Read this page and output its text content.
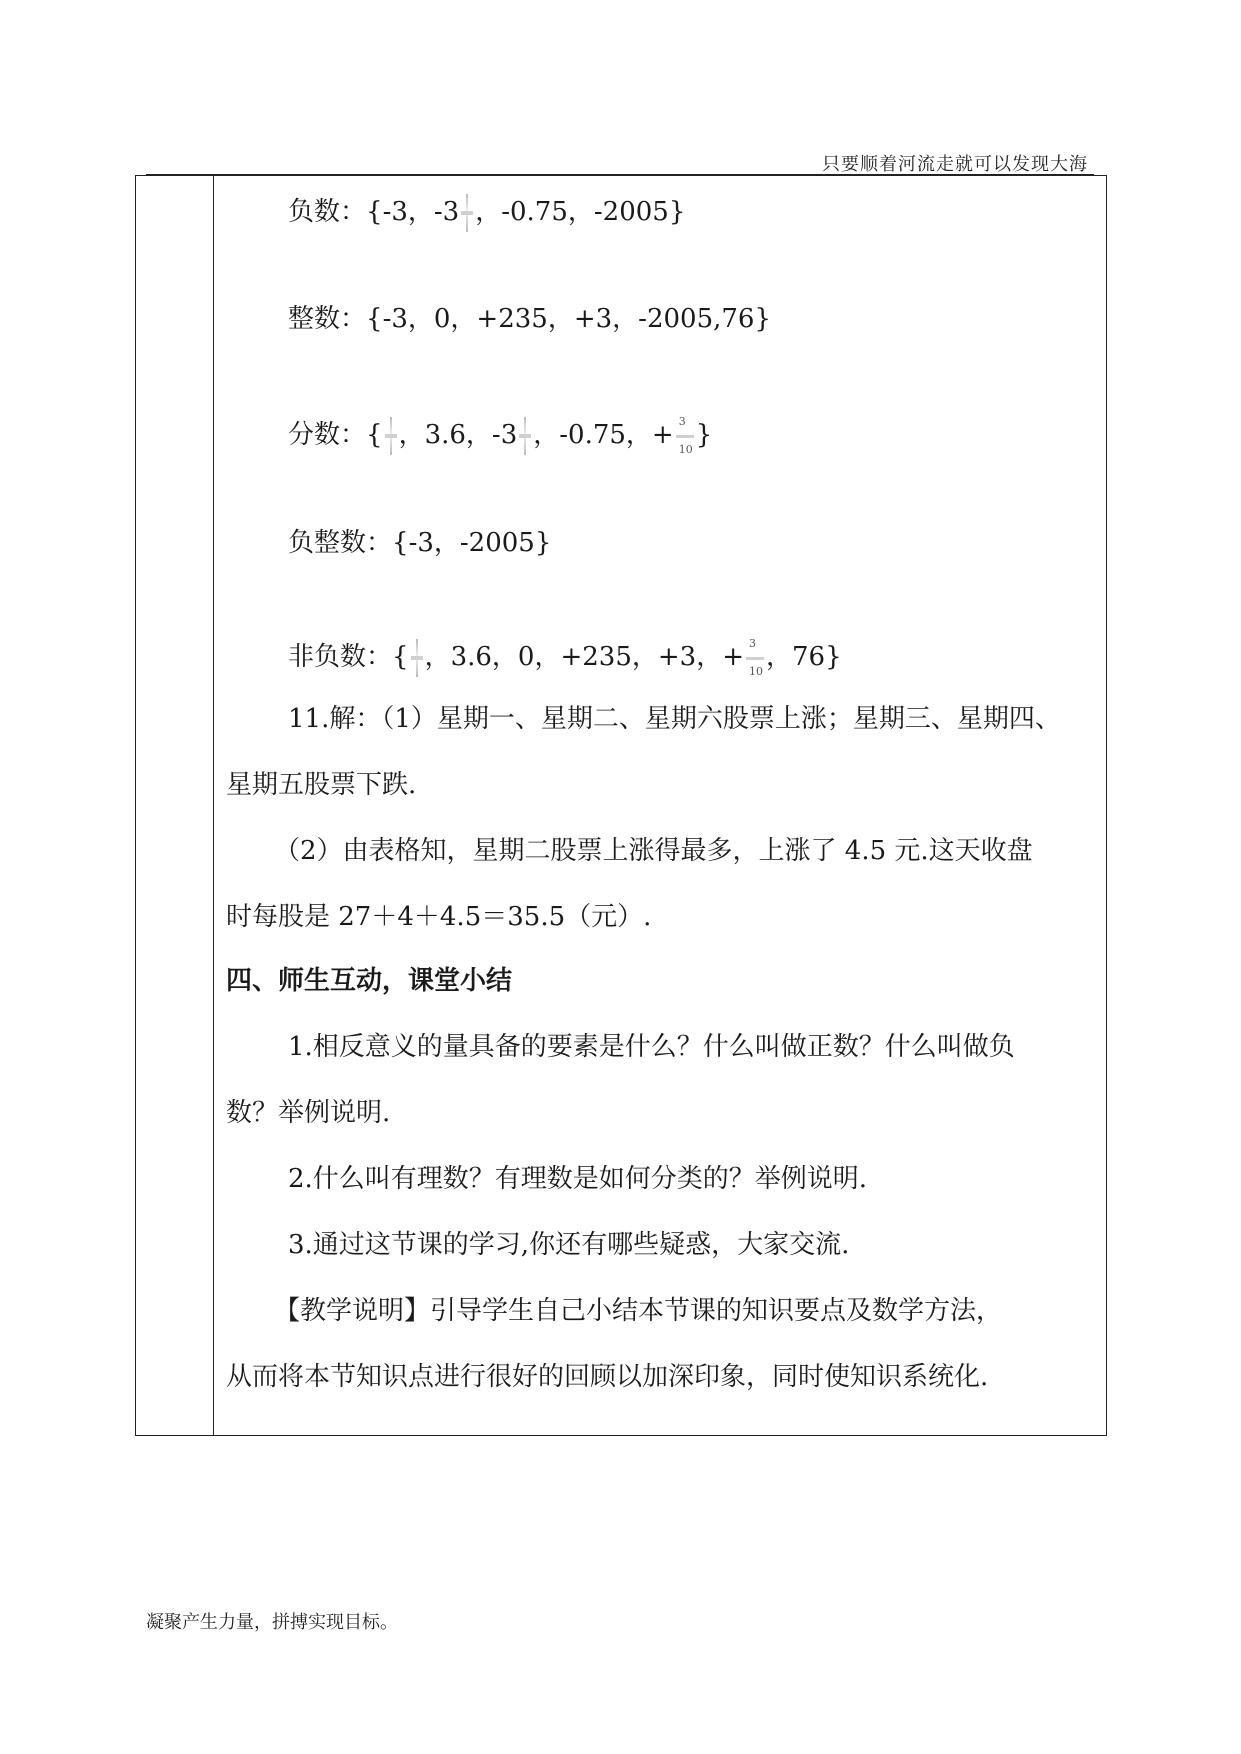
只要顺着河流走就可以发现大海
负数：{-3，-3 ，-0.75，-2005}
整数：{-3，0，+235，+3，-2005,76}
分数：{ ，3.6，-3 ，-0.75，+ $\frac{3}{10}$ }
负整数：{-3，-2005}
非负数：{ ，3.6，0，+235，+3，+ $\frac{3}{10}$ ，76}
11.解：（1）星期一、星期二、星期六股票上涨；星期三、星期四、
星期五股票下跌.
（2）由表格知，星期二股票上涨得最多，上涨了 4.5 元.这天收盘
时每股是 27＋4＋4.5＝35.5（元）.
四、师生互动，课堂小结
1.相反意义的量具备的要素是什么？什么叫做正数？什么叫做负
数？举例说明.
2.什么叫有理数？有理数是如何分类的？举例说明.
3.通过这节课的学习,你还有哪些疑惑，大家交流.
【教学说明】引导学生自己小结本节课的知识要点及数学方法，
从而将本节知识点进行很好的回顾以加深印象，同时使知识系统化.
凝聚产生力量，拼搏实现目标。
